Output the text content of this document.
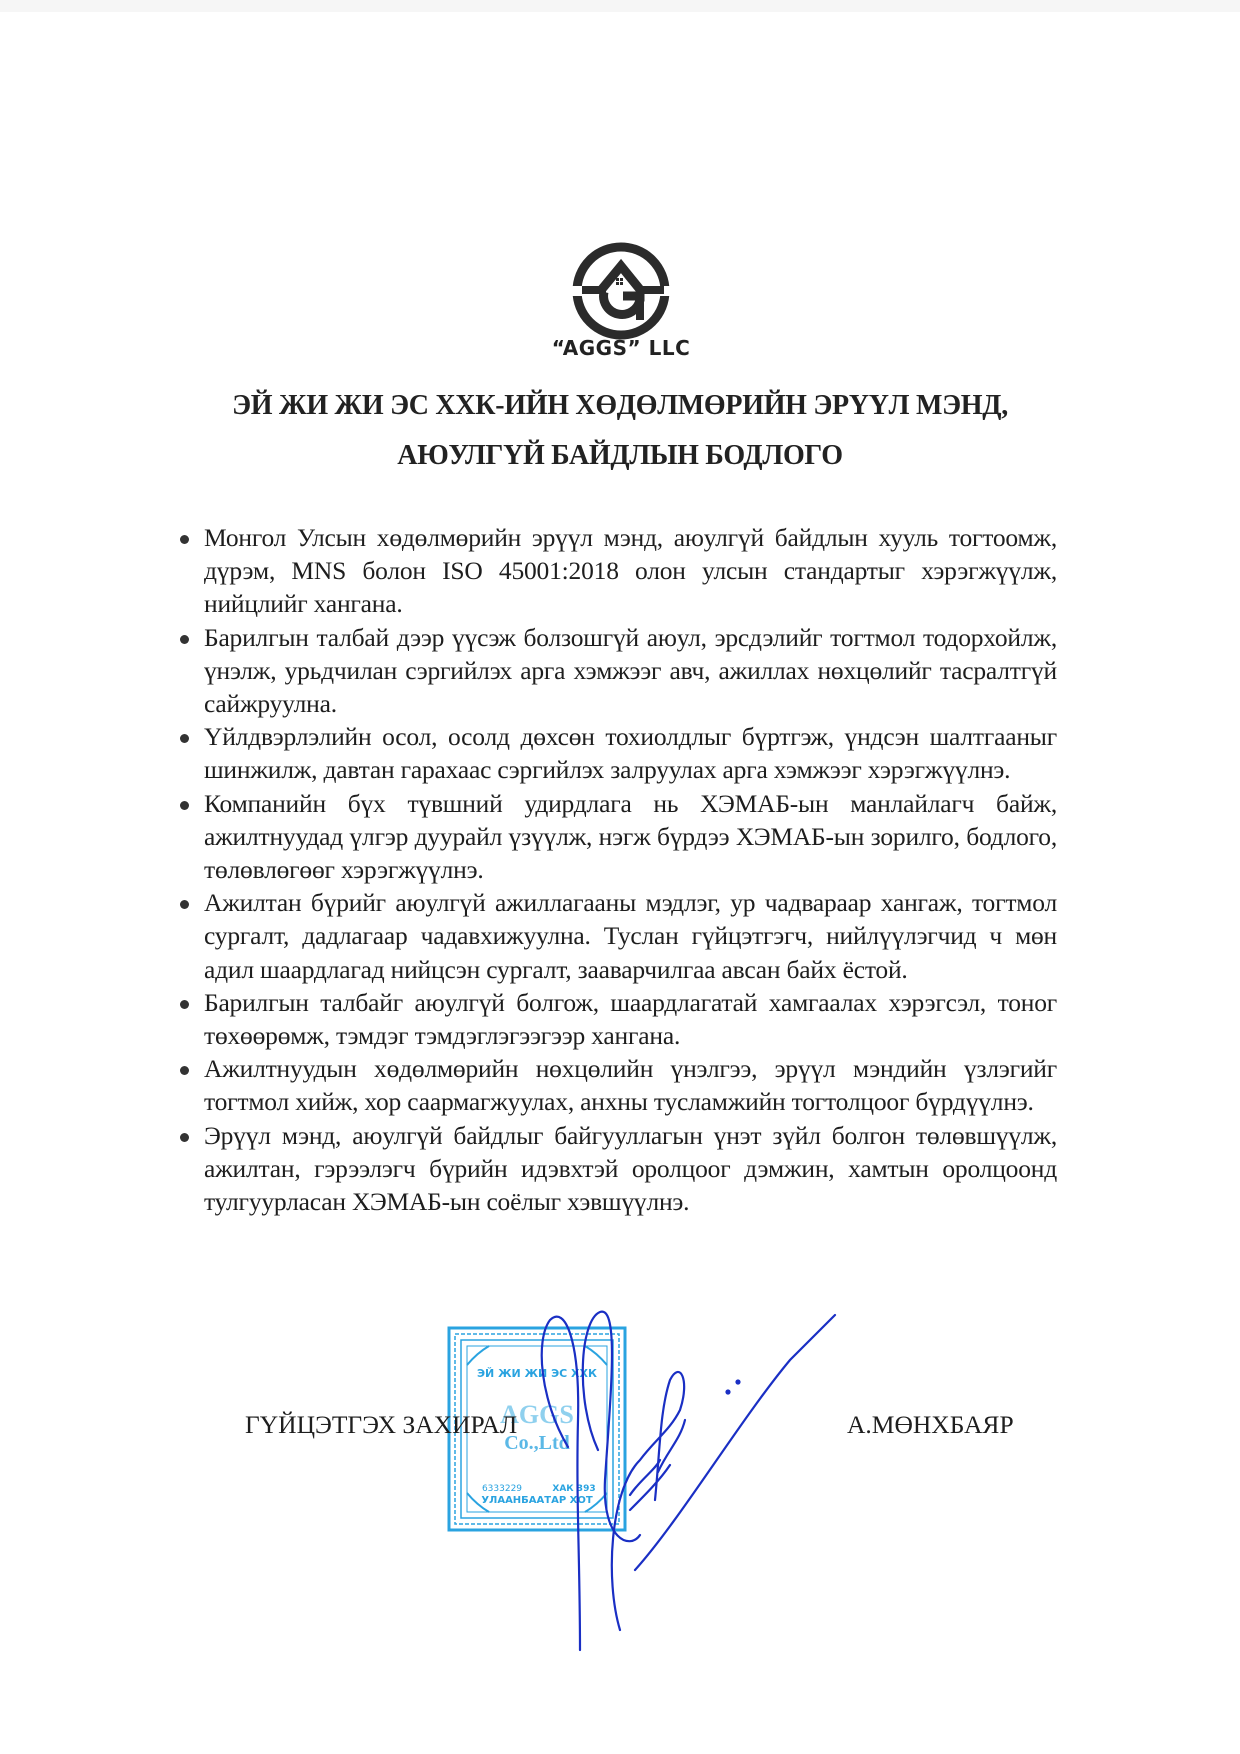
“AGGS” LLC
ЭЙ ЖИ ЖИ ЭС ХХК-ИЙН ХӨДӨЛМӨРИЙН ЭРҮҮЛ МЭНД,
АЮУЛГҮЙ БАЙДЛЫН БОДЛОГО
Монгол Улсын хөдөлмөрийн эрүүл мэнд, аюулгүй байдлын хууль тогтоомж, дүрэм, MNS болон ISO 45001:2018 олон улсын стандартыг хэрэгжүүлж, нийцлийг хангана.
Барилгын талбай дээр үүсэж болзошгүй аюул, эрсдэлийг тогтмол тодорхойлж, үнэлж, урьдчилан сэргийлэх арга хэмжээг авч, ажиллах нөхцөлийг тасралтгүй сайжруулна.
Үйлдвэрлэлийн осол, осолд дөхсөн тохиолдлыг бүртгэж, үндсэн шалтгааныг шинжилж, давтан гарахаас сэргийлэх залруулах арга хэмжээг хэрэгжүүлнэ.
Компанийн бүх түвшний удирдлага нь ХЭМАБ-ын манлайлагч байж, ажилтнуудад үлгэр дуурайл үзүүлж, нэгж бүрдээ ХЭМАБ-ын зорилго, бодлого, төлөвлөгөөг хэрэгжүүлнэ.
Ажилтан бүрийг аюулгүй ажиллагааны мэдлэг, ур чадвараар хангаж, тогтмол сургалт, дадлагаар чадавхижуулна. Туслан гүйцэтгэгч, нийлүүлэгчид ч мөн адил шаардлагад нийцсэн сургалт, зааварчилгаа авсан байх ёстой.
Барилгын талбайг аюулгүй болгож, шаардлагатай хамгаалах хэрэгсэл, тоног төхөөрөмж, тэмдэг тэмдэглэгээгээр хангана.
Ажилтнуудын хөдөлмөрийн нөхцөлийн үнэлгээ, эрүүл мэндийн үзлэгийг тогтмол хийж, хор саармагжуулах, анхны тусламжийн тогтолцоог бүрдүүлнэ.
Эрүүл мэнд, аюулгүй байдлыг байгууллагын үнэт зүйл болгон төлөвшүүлж, ажилтан, гэрээлэгч бүрийн идэвхтэй оролцоог дэмжин, хамтын оролцоонд тулгуурласан ХЭМАБ-ын соёлыг хэвшүүлнэ.
ЭЙ ЖИ ЖИ ЭС ХХК
AGGS
Co.,Ltd
6333229	ХАК 393
УЛААНБААТАР ХОТ
ГҮЙЦЭТГЭХ ЗАХИРАЛ	А.МӨНХБАЯР
